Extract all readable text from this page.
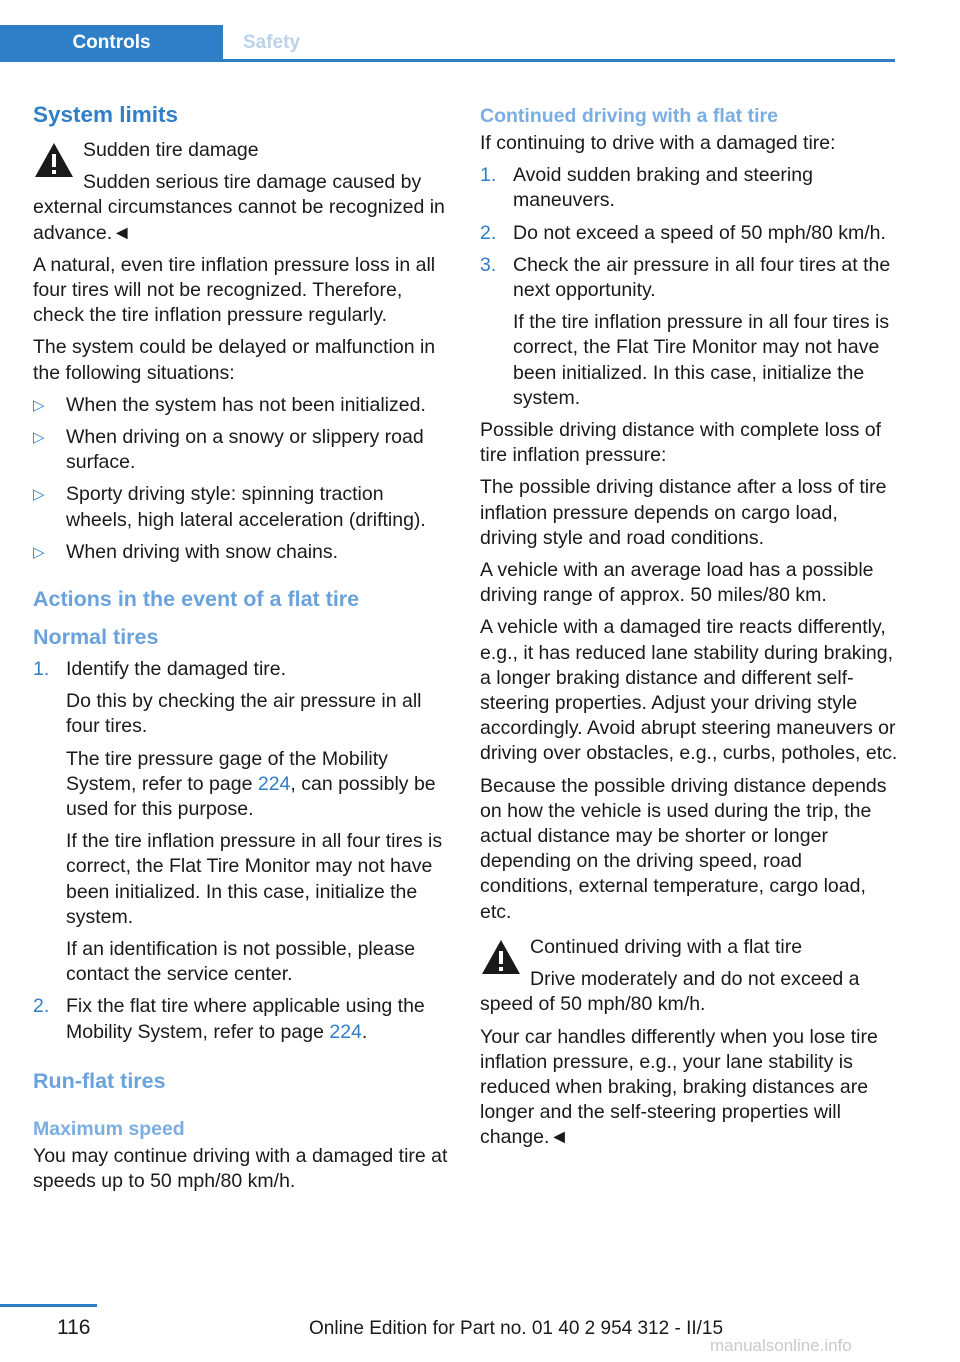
Controls	Safety
System limits
Sudden tire damage
Sudden serious tire damage caused by external circumstances cannot be recognized in advance.◄

A natural, even tire inflation pressure loss in all four tires will not be recognized. Therefore, check the tire inflation pressure regularly.

The system could be delayed or malfunction in the following situations:

▷ When the system has not been initialized.
▷ When driving on a snowy or slippery road surface.
▷ Sporty driving style: spinning traction wheels, high lateral acceleration (drifting).
▷ When driving with snow chains.
Actions in the event of a flat tire
Normal tires
1. Identify the damaged tire.

Do this by checking the air pressure in all four tires.

The tire pressure gage of the Mobility System, refer to page 224, can possibly be used for this purpose.

If the tire inflation pressure in all four tires is correct, the Flat Tire Monitor may not have been initialized. In this case, initialize the system.

If an identification is not possible, please contact the service center.

2. Fix the flat tire where applicable using the Mobility System, refer to page 224.
Run-flat tires
Maximum speed

You may continue driving with a damaged tire at speeds up to 50 mph/80 km/h.

Continued driving with a flat tire

If continuing to drive with a damaged tire:

1. Avoid sudden braking and steering maneuvers.
2. Do not exceed a speed of 50 mph/80 km/h.
3. Check the air pressure in all four tires at the next opportunity.

If the tire inflation pressure in all four tires is correct, the Flat Tire Monitor may not have been initialized. In this case, initialize the system.

Possible driving distance with complete loss of tire inflation pressure:

The possible driving distance after a loss of tire inflation pressure depends on cargo load, driving style and road conditions.

A vehicle with an average load has a possible driving range of approx. 50 miles/80 km.

A vehicle with a damaged tire reacts differently, e.g., it has reduced lane stability during braking, a longer braking distance and different self-steering properties. Adjust your driving style accordingly. Avoid abrupt steering maneuvers or driving over obstacles, e.g., curbs, potholes, etc.

Because the possible driving distance depends on how the vehicle is used during the trip, the actual distance may be shorter or longer depending on the driving speed, road conditions, external temperature, cargo load, etc.

Continued driving with a flat tire
Drive moderately and do not exceed a speed of 50 mph/80 km/h.

Your car handles differently when you lose tire inflation pressure, e.g., your lane stability is reduced when braking, braking distances are longer and the self-steering properties will change.◄

116	Online Edition for Part no. 01 40 2 954 312 - II/15
manualsonline.info
